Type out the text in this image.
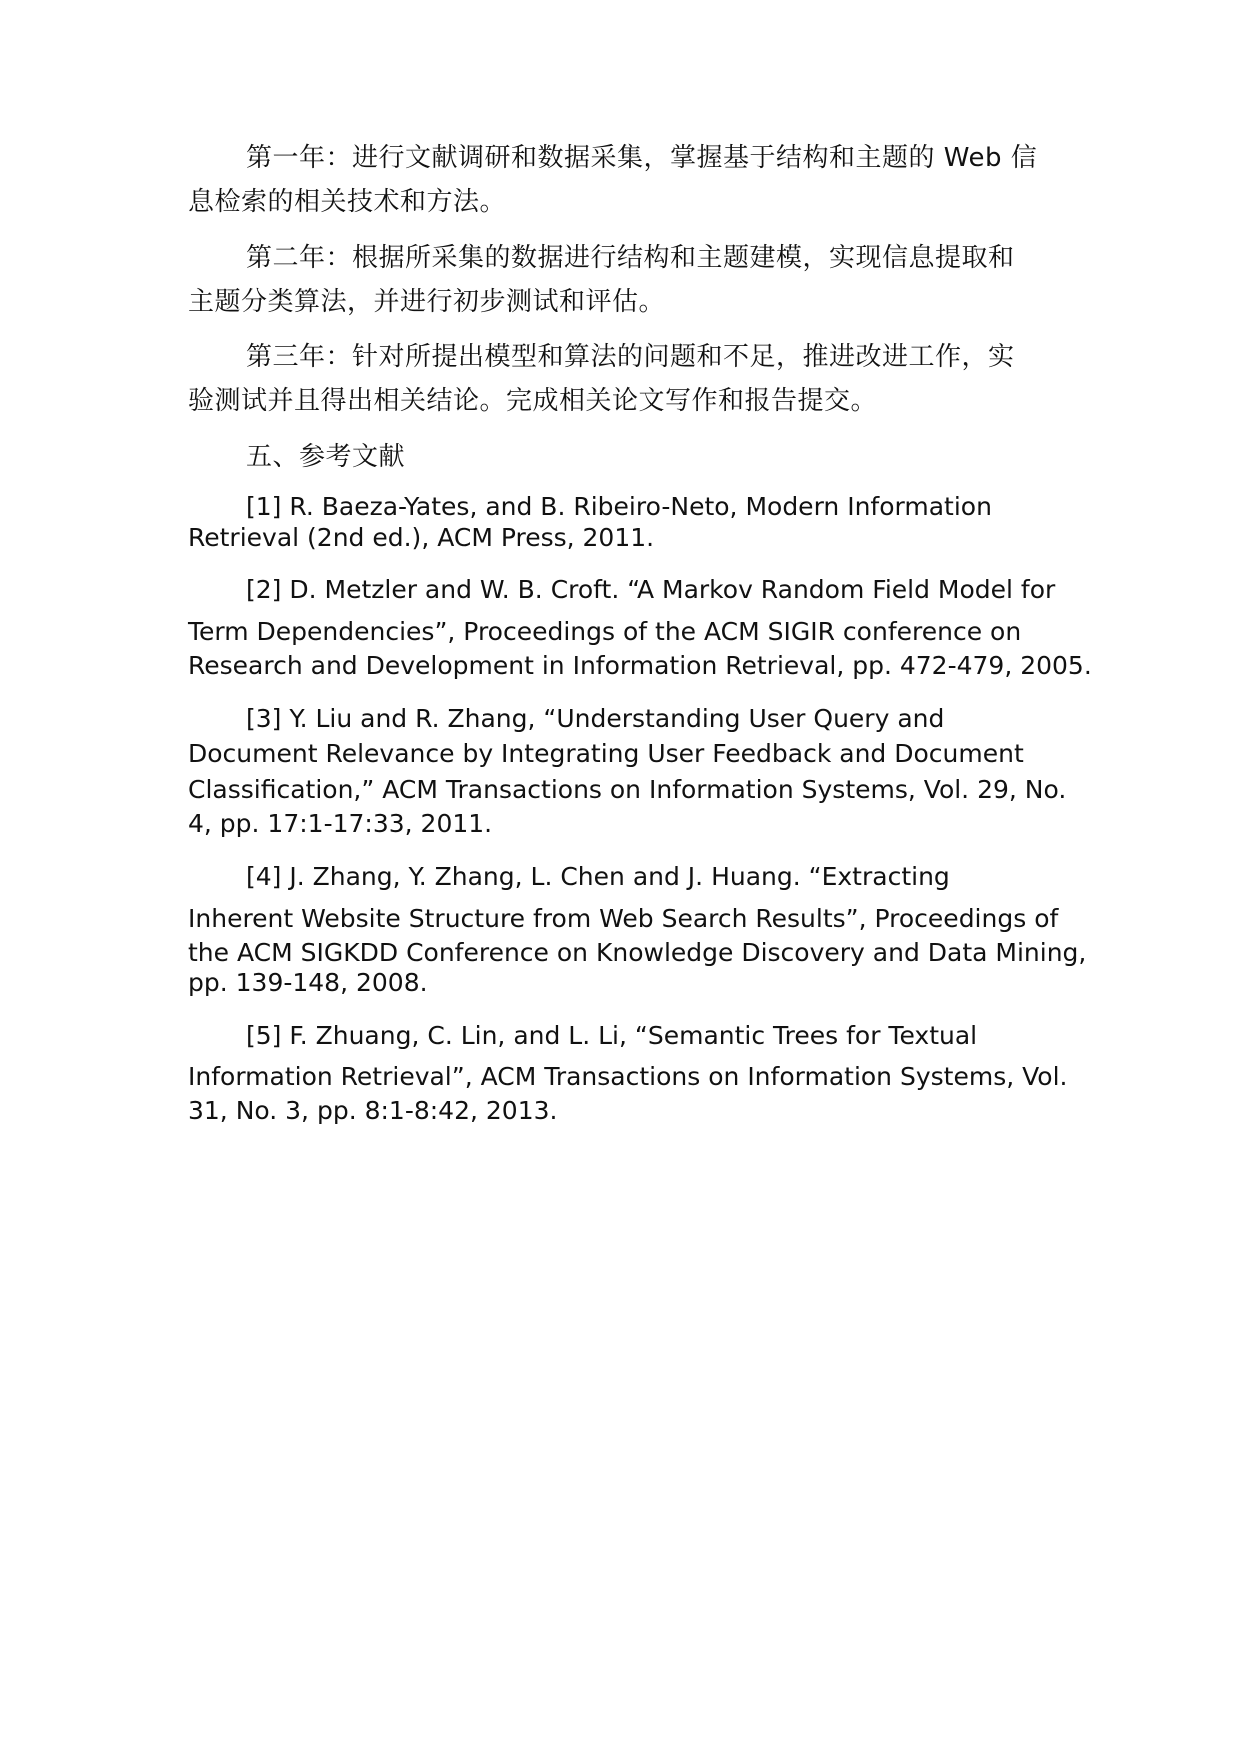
第一年：进行文献调研和数据采集，掌握基于结构和主题的 Web 信
息检索的相关技术和方法。
第二年：根据所采集的数据进行结构和主题建模，实现信息提取和
主题分类算法，并进行初步测试和评估。
第三年：针对所提出模型和算法的问题和不足，推进改进工作，实
验测试并且得出相关结论。完成相关论文写作和报告提交。
五、参考文献
[1] R. Baeza-Yates, and B. Ribeiro-Neto, Modern Information
Retrieval (2nd ed.), ACM Press, 2011.
[2] D. Metzler and W. B. Croft. “A Markov Random Field Model for
Term Dependencies”, Proceedings of the ACM SIGIR conference on
Research and Development in Information Retrieval, pp. 472-479, 2005.
[3] Y. Liu and R. Zhang, “Understanding User Query and
Document Relevance by Integrating User Feedback and Document
Classification,” ACM Transactions on Information Systems, Vol. 29, No.
4, pp. 17:1-17:33, 2011.
[4] J. Zhang, Y. Zhang, L. Chen and J. Huang. “Extracting
Inherent Website Structure from Web Search Results”, Proceedings of
the ACM SIGKDD Conference on Knowledge Discovery and Data Mining,
pp. 139-148, 2008.
[5] F. Zhuang, C. Lin, and L. Li, “Semantic Trees for Textual
Information Retrieval”, ACM Transactions on Information Systems, Vol.
31, No. 3, pp. 8:1-8:42, 2013.
